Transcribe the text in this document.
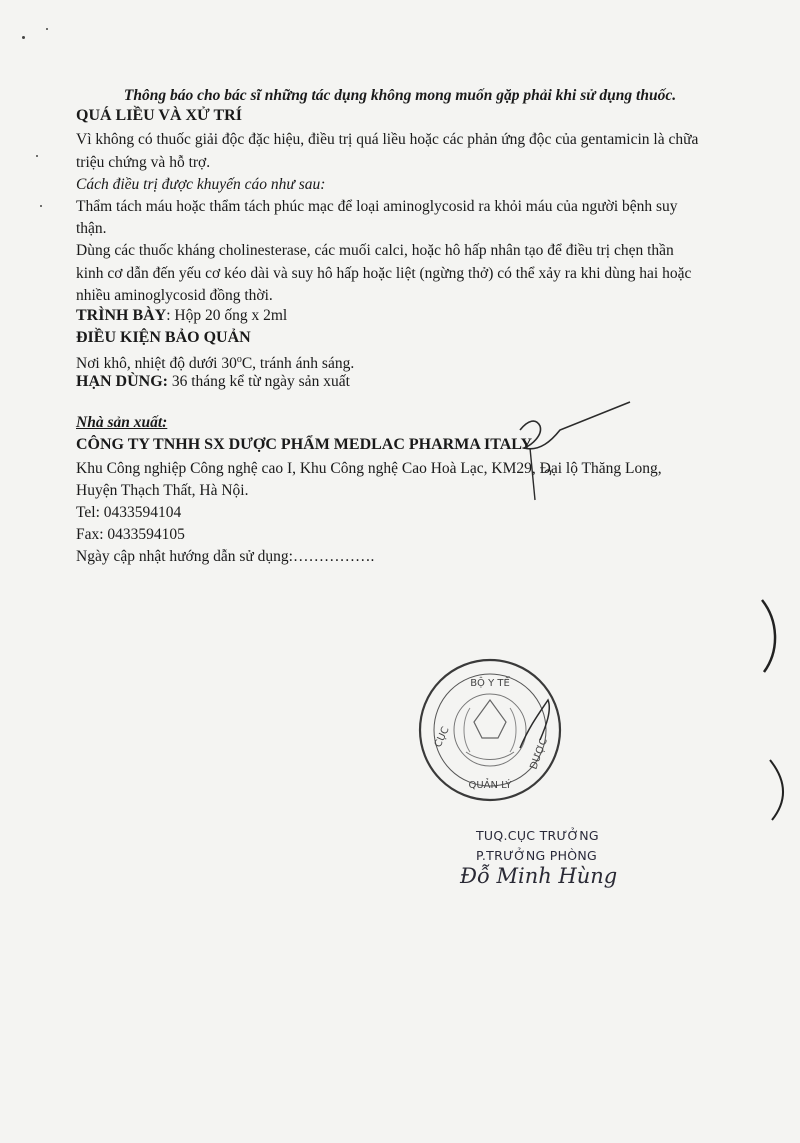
Thông báo cho bác sĩ những tác dụng không mong muốn gặp phải khi sử dụng thuốc.
QUÁ LIỀU VÀ XỬ TRÍ
Vì không có thuốc giải độc đặc hiệu, điều trị quá liều hoặc các phản ứng độc của gentamicin là chữa
triệu chứng và hỗ trợ.
Cách điều trị được khuyến cáo như sau:
Thẩm tách máu hoặc thẩm tách phúc mạc để loại aminoglycosid ra khỏi máu của người bệnh suy
thận.
Dùng các thuốc kháng cholinesterase, các muối calci, hoặc hô hấp nhân tạo để điều trị chẹn thần
kinh cơ dẫn đến yếu cơ kéo dài và suy hô hấp hoặc liệt (ngừng thở) có thể xảy ra khi dùng hai hoặc
nhiều aminoglycosid đồng thời.
TRÌNH BÀY: Hộp 20 ống x 2ml
ĐIỀU KIỆN BẢO QUẢN
Nơi khô, nhiệt độ dưới 30$^o$C, tránh ánh sáng.
HẠN DÙNG: 36 tháng kể từ ngày sản xuất
Nhà sản xuất:
CÔNG TY TNHH SX DƯỢC PHẨM MEDLAC PHARMA ITALY
Khu Công nghiệp Công nghệ cao I, Khu Công nghệ Cao Hoà Lạc, KM29, Đại lộ Thăng Long,
Huyện Thạch Thất, Hà Nội.
Tel: 0433594104
Fax: 0433594105
Ngày cập nhật hướng dẫn sử dụng:…………….
BỘ Y TẾ
CỤC
QUẢN LÝ
DƯỢC
TUQ.CỤC TRƯỞNG
P.TRƯỞNG PHÒNG
Đỗ Minh Hùng
